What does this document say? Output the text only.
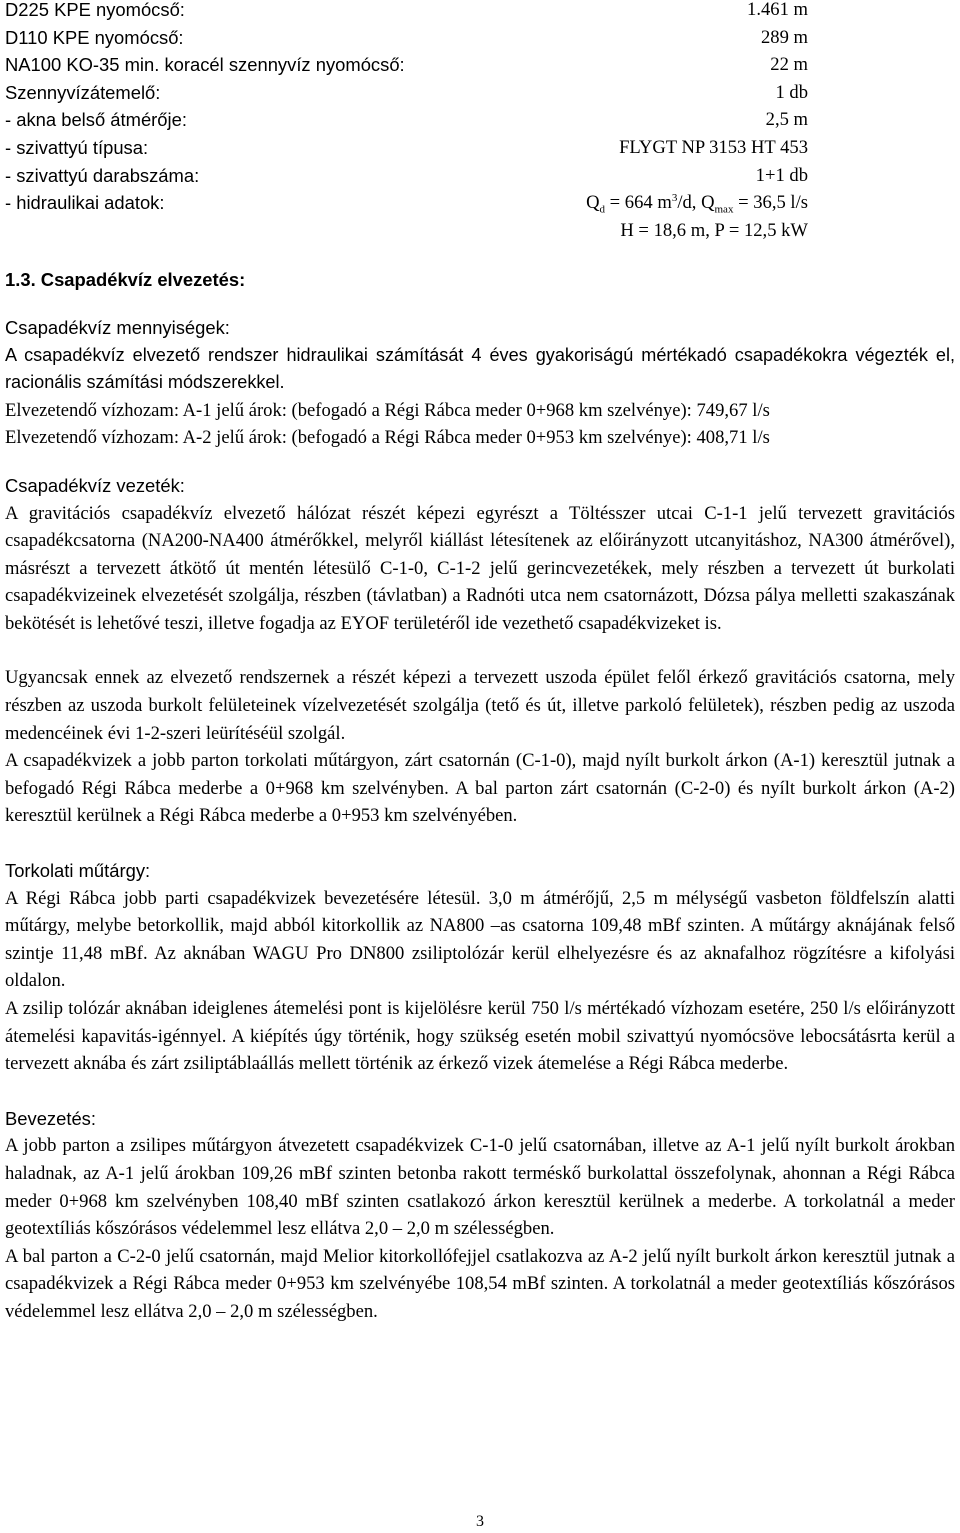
D225 KPE nyomócső:	1.461 m
D110 KPE nyomócső:	289 m
NA100 KO-35 min. koracél szennyvíz nyomócső:	22 m
Szennyvízátemelő:	1 db
- akna belső átmérője:	2,5 m
- szivattyú típusa:	FLYGT NP 3153 HT 453
- szivattyú darabszáma:	1+1 db
- hidraulikai adatok:	$Q_d = 664$ $m^3/d$, $Q_{max} = 36,5$ l/s
H = 18,6 m, P = 12,5 kW
1.3. Csapadékvíz elvezetés:
Csapadékvíz mennyiségek:

A csapadékvíz elvezető rendszer hidraulikai számítását 4 éves gyakoriságú mértékadó csapadékokra végezték el, racionális számítási módszerekkel.

Elvezetendő vízhozam: A-1 jelű árok: (befogadó a Régi Rábca meder 0+968 km szelvénye): 749,67 l/s

Elvezetendő vízhozam: A-2 jelű árok: (befogadó a Régi Rábca meder 0+953 km szelvénye): 408,71 l/s

Csapadékvíz vezeték:

A gravitációs csapadékvíz elvezető hálózat részét képezi egyrészt a Töltésszer utcai C-1-1 jelű tervezett gravitációs csapadékcsatorna (NA200-NA400 átmérőkkel, melyről kiállást létesítenek az előirányzott utcanyitáshoz, NA300 átmérővel), másrészt a tervezett átkötő út mentén létesülő C-1-0, C-1-2 jelű gerincvezetékek, mely részben a tervezett út burkolati csapadékvizeinek elvezetését szolgálja, részben (távlatban) a Radnóti utca nem csatornázott, Dózsa pálya melletti szakaszának bekötését is lehetővé teszi, illetve fogadja az EYOF területéről ide vezethető csapadékvizeket is.

Ugyancsak ennek az elvezető rendszernek a részét képezi a tervezett uszoda épület felől érkező gravitációs csatorna, mely részben az uszoda burkolt felületeinek vízelvezetését szolgálja (tető és út, illetve parkoló felületek), részben pedig az uszoda medencéinek évi 1-2-szeri leürítéséül szolgál.

A csapadékvizek a jobb parton torkolati műtárgyon, zárt csatornán (C-1-0), majd nyílt burkolt árkon (A-1) keresztül jutnak a befogadó Régi Rábca mederbe a 0+968 km szelvényben. A bal parton zárt csatornán (C-2-0) és nyílt burkolt árkon (A-2) keresztül kerülnek a Régi Rábca mederbe a 0+953 km szelvényében.

Torkolati műtárgy:

A Régi Rábca jobb parti csapadékvizek bevezetésére létesül. 3,0 m átmérőjű, 2,5 m mélységű vasbeton földfelszín alatti műtárgy, melybe betorkollik, majd abból kitorkollik az NA800 –as csatorna 109,48 mBf szinten. A műtárgy aknájának felső szintje 11,48 mBf. Az aknában WAGU Pro DN800 zsiliptolózár kerül elhelyezésre és az aknafalhoz rögzítésre a kifolyási oldalon.

A zsilip tolózár aknában ideiglenes átemelési pont is kijelölésre kerül 750 l/s mértékadó vízhozam esetére, 250 l/s előirányzott átemelési kapavitás-igénnyel. A kiépítés úgy történik, hogy szükség esetén mobil szivattyú nyomócsöve lebocsátásrta kerül a tervezett aknába és zárt zsiliptáblaállás mellett történik az érkező vizek átemelése a Régi Rábca mederbe.

Bevezetés:

A jobb parton a zsilipes műtárgyon átvezetett csapadékvizek C-1-0 jelű csatornában, illetve az A-1 jelű nyílt burkolt árokban haladnak, az A-1 jelű árokban 109,26 mBf szinten betonba rakott terméskő burkolattal összefolynak, ahonnan a Régi Rábca meder 0+968 km szelvényben 108,40 mBf szinten csatlakozó árkon keresztül kerülnek a mederbe. A torkolatnál a meder geotextíliás kőszórásos védelemmel lesz ellátva 2,0 – 2,0 m szélességben.

A bal parton a C-2-0 jelű csatornán, majd Melior kitorkollófejjel csatlakozva az A-2 jelű nyílt burkolt árkon keresztül jutnak a csapadékvizek a Régi Rábca meder 0+953 km szelvényébe 108,54 mBf szinten. A torkolatnál a meder geotextíliás kőszórásos védelemmel lesz ellátva 2,0 – 2,0 m szélességben.

3
